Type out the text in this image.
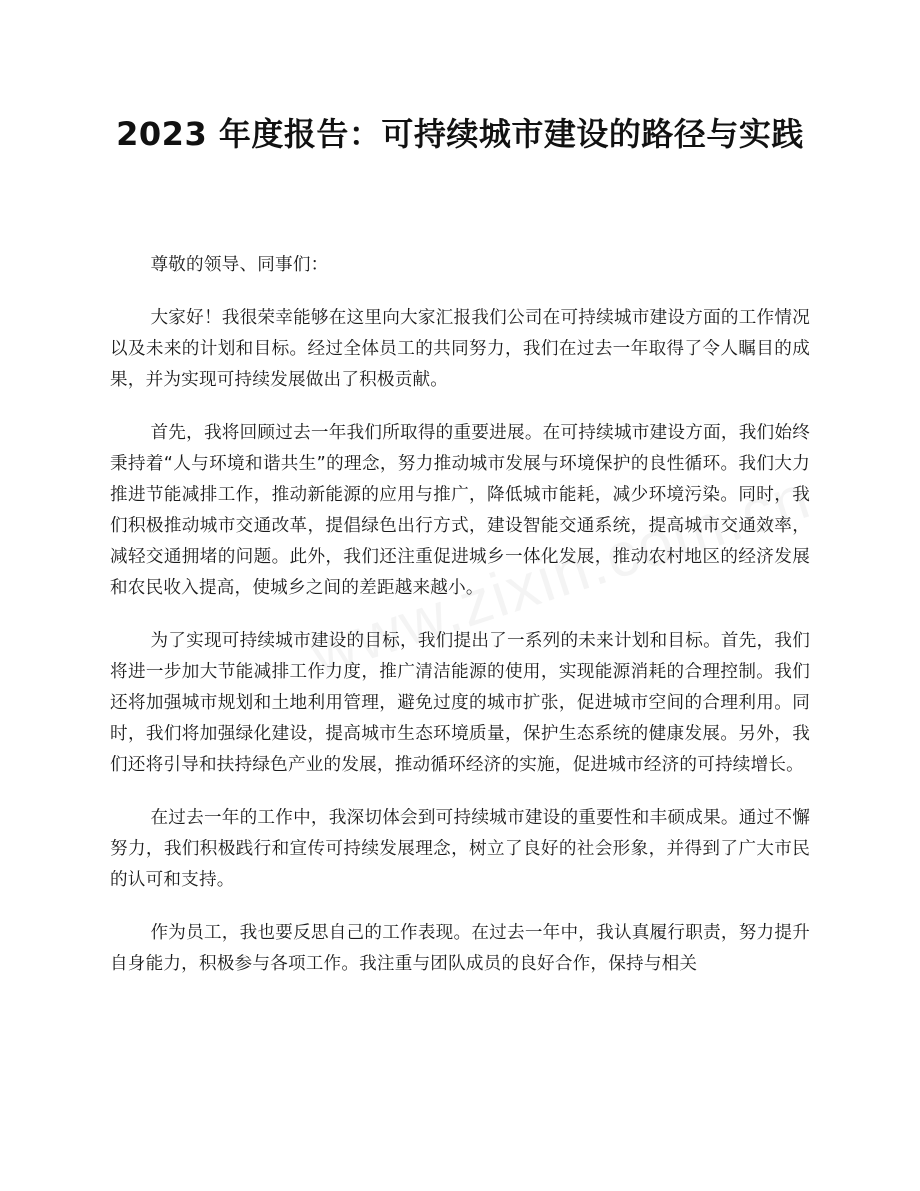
2023 年度报告：可持续城市建设的路径与实践

尊敬的领导、同事们：

大家好！我很荣幸能够在这里向大家汇报我们公司在可持续城市建设方面的工作情况以及未来的计划和目标。经过全体员工的共同努力，我们在过去一年取得了令人瞩目的成果，并为实现可持续发展做出了积极贡献。

首先，我将回顾过去一年我们所取得的重要进展。在可持续城市建设方面，我们始终秉持着“人与环境和谐共生”的理念，努力推动城市发展与环境保护的良性循环。我们大力推进节能减排工作，推动新能源的应用与推广，降低城市能耗，减少环境污染。同时，我们积极推动城市交通改革，提倡绿色出行方式，建设智能交通系统，提高城市交通效率，减轻交通拥堵的问题。此外，我们还注重促进城乡一体化发展，推动农村地区的经济发展和农民收入提高，使城乡之间的差距越来越小。

为了实现可持续城市建设的目标，我们提出了一系列的未来计划和目标。首先，我们将进一步加大节能减排工作力度，推广清洁能源的使用，实现能源消耗的合理控制。我们还将加强城市规划和土地利用管理，避免过度的城市扩张，促进城市空间的合理利用。同时，我们将加强绿化建设，提高城市生态环境质量，保护生态系统的健康发展。另外，我们还将引导和扶持绿色产业的发展，推动循环经济的实施，促进城市经济的可持续增长。

在过去一年的工作中，我深切体会到可持续城市建设的重要性和丰硕成果。通过不懈努力，我们积极践行和宣传可持续发展理念，树立了良好的社会形象，并得到了广大市民的认可和支持。

作为员工，我也要反思自己的工作表现。在过去一年中，我认真履行职责，努力提升自身能力，积极参与各项工作。我注重与团队成员的良好合作，保持与相关
